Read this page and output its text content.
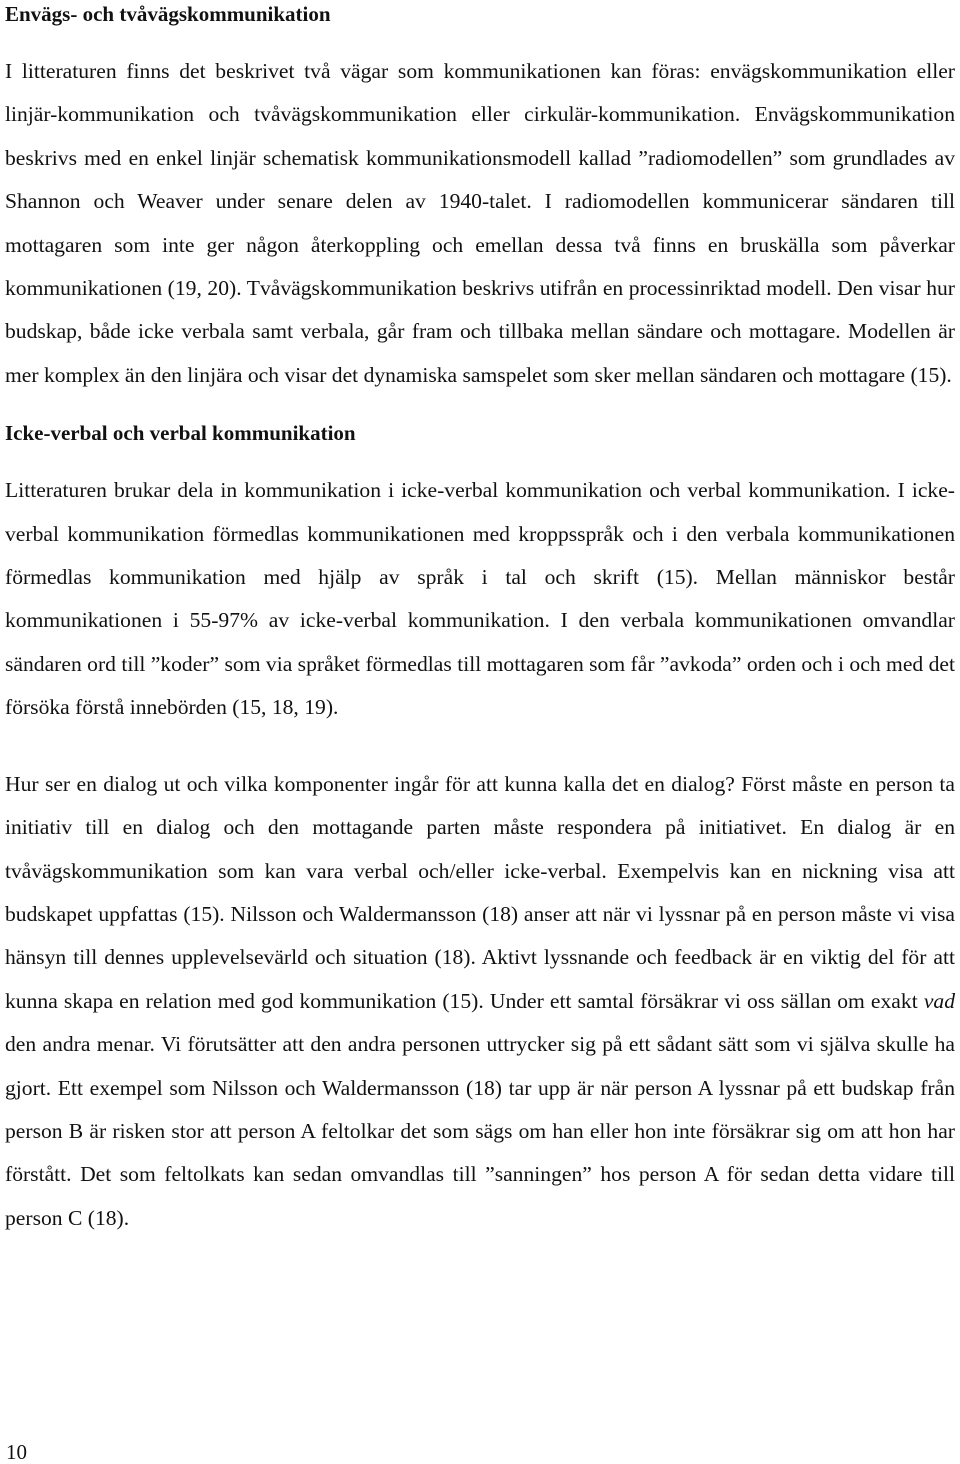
Envägs- och tvåvägskommunikation

I litteraturen finns det beskrivet två vägar som kommunikationen kan föras: envägskommunikation eller linjär-kommunikation och tvåvägskommunikation eller cirkulär-kommunikation. Envägskommunikation beskrivs med en enkel linjär schematisk kommunikationsmodell kallad ”radiomodellen” som grundlades av Shannon och Weaver under senare delen av 1940-talet. I radiomodellen kommunicerar sändaren till mottagaren som inte ger någon återkoppling och emellan dessa två finns en bruskälla som påverkar kommunikationen (19, 20). Tvåvägskommunikation beskrivs utifrån en processinriktad modell. Den visar hur budskap, både icke verbala samt verbala, går fram och tillbaka mellan sändare och mottagare. Modellen är mer komplex än den linjära och visar det dynamiska samspelet som sker mellan sändaren och mottagare (15).

Icke-verbal och verbal kommunikation

Litteraturen brukar dela in kommunikation i icke-verbal kommunikation och verbal kommunikation. I icke-verbal kommunikation förmedlas kommunikationen med kroppsspråk och i den verbala kommunikationen förmedlas kommunikation med hjälp av språk i tal och skrift (15). Mellan människor består kommunikationen i 55-97% av icke-verbal kommunikation. I den verbala kommunikationen omvandlar sändaren ord till ”koder” som via språket förmedlas till mottagaren som får ”avkoda” orden och i och med det försöka förstå innebörden (15, 18, 19).

Hur ser en dialog ut och vilka komponenter ingår för att kunna kalla det en dialog? Först måste en person ta initiativ till en dialog och den mottagande parten måste respondera på initiativet. En dialog är en tvåvägskommunikation som kan vara verbal och/eller icke-verbal. Exempelvis kan en nickning visa att budskapet uppfattas (15). Nilsson och Waldermansson (18) anser att när vi lyssnar på en person måste vi visa hänsyn till dennes upplevelsevärld och situation (18). Aktivt lyssnande och feedback är en viktig del för att kunna skapa en relation med god kommunikation (15). Under ett samtal försäkrar vi oss sällan om exakt vad den andra menar. Vi förutsätter att den andra personen uttrycker sig på ett sådant sätt som vi själva skulle ha gjort. Ett exempel som Nilsson och Waldermansson (18) tar upp är när person A lyssnar på ett budskap från person B är risken stor att person A feltolkar det som sägs om han eller hon inte försäkrar sig om att hon har förstått. Det som feltolkats kan sedan omvandlas till ”sanningen” hos person A för sedan detta vidare till person C (18).

10
